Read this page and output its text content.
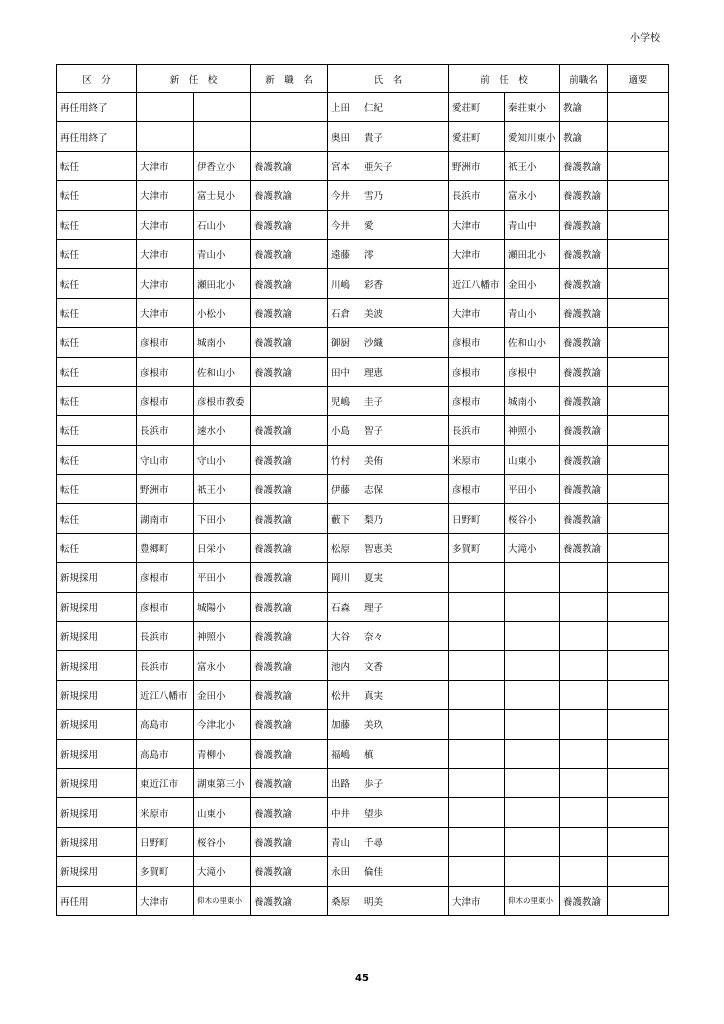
小学校
区　分	新　任　校		新　職　名	氏　名	前　任　校		前職名	適要
再任用終了				上田 仁紀	愛荘町	秦荘東小	教諭	
再任用終了				奥田 貴子	愛荘町	愛知川東小	教諭	
転任	大津市	伊香立小	養護教諭	宮本 亜矢子	野洲市	祇王小	養護教諭	
転任	大津市	富士見小	養護教諭	今井 雪乃	長浜市	富永小	養護教諭	
転任	大津市	石山小	養護教諭	今井 愛	大津市	青山中	養護教諭	
転任	大津市	青山小	養護教諭	遠藤 澪	大津市	瀬田北小	養護教諭	
転任	大津市	瀬田北小	養護教諭	川嶋 彩香	近江八幡市	金田小	養護教諭	
転任	大津市	小松小	養護教諭	石倉 美波	大津市	青山小	養護教諭	
転任	彦根市	城南小	養護教諭	御厨 沙織	彦根市	佐和山小	養護教諭	
転任	彦根市	佐和山小	養護教諭	田中 理恵	彦根市	彦根中	養護教諭	
転任	彦根市	彦根市教委		児嶋 圭子	彦根市	城南小	養護教諭	
転任	長浜市	速水小	養護教諭	小島 智子	長浜市	神照小	養護教諭	
転任	守山市	守山小	養護教諭	竹村 美侑	米原市	山東小	養護教諭	
転任	野洲市	祇王小	養護教諭	伊藤 志保	彦根市	平田小	養護教諭	
転任	湖南市	下田小	養護教諭	藪下 梨乃	日野町	桜谷小	養護教諭	
転任	豊郷町	日栄小	養護教諭	松原 智恵美	多賀町	大滝小	養護教諭	
新規採用	彦根市	平田小	養護教諭	岡川 夏実				
新規採用	彦根市	城陽小	養護教諭	石森 理子				
新規採用	長浜市	神照小	養護教諭	大谷 奈々				
新規採用	長浜市	富永小	養護教諭	池内 文香				
新規採用	近江八幡市	金田小	養護教諭	松井 真実				
新規採用	高島市	今津北小	養護教諭	加藤 美玖				
新規採用	高島市	青柳小	養護教諭	福嶋 槙				
新規採用	東近江市	湖東第三小	養護教諭	出路 歩子				
新規採用	米原市	山東小	養護教諭	中井 望歩				
新規採用	日野町	桜谷小	養護教諭	青山 千尋				
新規採用	多賀町	大滝小	養護教諭	永田 倫佳				
再任用	大津市	仰木の里東小	養護教諭	桑原 明美	大津市	仰木の里東小	養護教諭	
45
